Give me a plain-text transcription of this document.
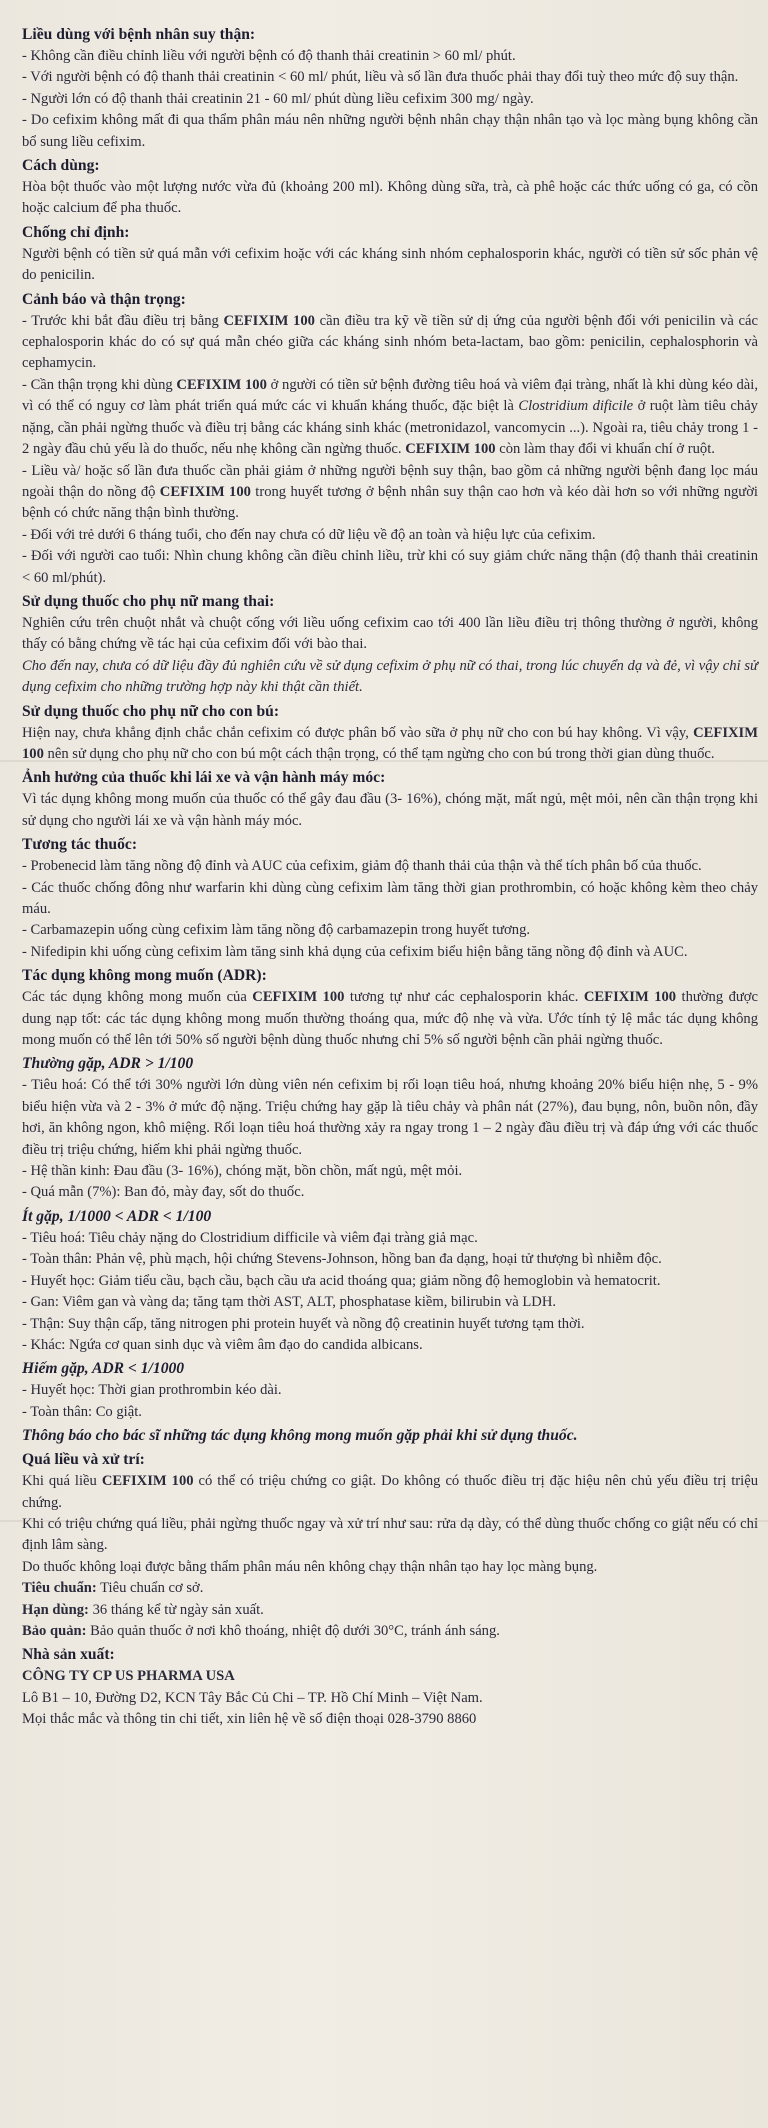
Liều dùng với bệnh nhân suy thận:

- Không cần điều chỉnh liều với người bệnh có độ thanh thải creatinin > 60 ml/ phút.

- Với người bệnh có độ thanh thải creatinin < 60 ml/ phút, liều và số lần đưa thuốc phải thay đổi tuỳ theo mức độ suy thận.

- Người lớn có độ thanh thải creatinin 21 - 60 ml/ phút dùng liều cefixim 300 mg/ ngày.

- Do cefixim không mất đi qua thẩm phân máu nên những người bệnh nhân chạy thận nhân tạo và lọc màng bụng không cần bổ sung liều cefixim.

Cách dùng:

Hòa bột thuốc vào một lượng nước vừa đủ (khoảng 200 ml). Không dùng sữa, trà, cà phê hoặc các thức uống có ga, có cồn hoặc calcium để pha thuốc.

Chống chỉ định:

Người bệnh có tiền sử quá mẫn với cefixim hoặc với các kháng sinh nhóm cephalosporin khác, người có tiền sử sốc phản vệ do penicilin.

Cảnh báo và thận trọng:

- Trước khi bắt đầu điều trị bằng CEFIXIM 100 cần điều tra kỹ về tiền sử dị ứng của người bệnh đối với penicilin và các cephalosporin khác do có sự quá mẫn chéo giữa các kháng sinh nhóm beta-lactam, bao gồm: penicilin, cephalosphorin và cephamycin.

- Cần thận trọng khi dùng CEFIXIM 100 ở người có tiền sử bệnh đường tiêu hoá và viêm đại tràng, nhất là khi dùng kéo dài, vì có thể có nguy cơ làm phát triển quá mức các vi khuẩn kháng thuốc, đặc biệt là Clostridium dificile ở ruột làm tiêu chảy nặng, cần phải ngừng thuốc và điều trị bằng các kháng sinh khác (metronidazol, vancomycin ...). Ngoài ra, tiêu chảy trong 1 - 2 ngày đầu chủ yếu là do thuốc, nếu nhẹ không cần ngừng thuốc. CEFIXIM 100 còn làm thay đổi vi khuẩn chí ở ruột.

- Liều và/ hoặc số lần đưa thuốc cần phải giảm ở những người bệnh suy thận, bao gồm cả những người bệnh đang lọc máu ngoài thận do nồng độ CEFIXIM 100 trong huyết tương ở bệnh nhân suy thận cao hơn và kéo dài hơn so với những người bệnh có chức năng thận bình thường.

- Đối với trẻ dưới 6 tháng tuổi, cho đến nay chưa có dữ liệu về độ an toàn và hiệu lực của cefixim.

- Đối với người cao tuổi: Nhìn chung không cần điều chỉnh liều, trừ khi có suy giảm chức năng thận (độ thanh thải creatinin < 60 ml/phút).

Sử dụng thuốc cho phụ nữ mang thai:

Nghiên cứu trên chuột nhắt và chuột cống với liều uống cefixim cao tới 400 lần liều điều trị thông thường ở người, không thấy có bằng chứng về tác hại của cefixim đối với bào thai.

Cho đến nay, chưa có dữ liệu đầy đủ nghiên cứu về sử dụng cefixim ở phụ nữ có thai, trong lúc chuyển dạ và đẻ, vì vậy chỉ sử dụng cefixim cho những trường hợp này khi thật cần thiết.

Sử dụng thuốc cho phụ nữ cho con bú:

Hiện nay, chưa khẳng định chắc chắn cefixim có được phân bố vào sữa ở phụ nữ cho con bú hay không. Vì vậy, CEFIXIM 100 nên sử dụng cho phụ nữ cho con bú một cách thận trọng, có thể tạm ngừng cho con bú trong thời gian dùng thuốc.

Ảnh hưởng của thuốc khi lái xe và vận hành máy móc:

Vì tác dụng không mong muốn của thuốc có thể gây đau đầu (3- 16%), chóng mặt, mất ngủ, mệt mỏi, nên cần thận trọng khi sử dụng cho người lái xe và vận hành máy móc.

Tương tác thuốc:

- Probenecid làm tăng nồng độ đỉnh và AUC của cefixim, giảm độ thanh thải của thận và thể tích phân bố của thuốc.

- Các thuốc chống đông như warfarin khi dùng cùng cefixim làm tăng thời gian prothrombin, có hoặc không kèm theo chảy máu.

- Carbamazepin uống cùng cefixim làm tăng nồng độ carbamazepin trong huyết tương.

- Nifedipin khi uống cùng cefixim làm tăng sinh khả dụng của cefixim biểu hiện bằng tăng nồng độ đỉnh và AUC.

Tác dụng không mong muốn (ADR):

Các tác dụng không mong muốn của CEFIXIM 100 tương tự như các cephalosporin khác. CEFIXIM 100 thường được dung nạp tốt: các tác dụng không mong muốn thường thoáng qua, mức độ nhẹ và vừa. Ước tính tỷ lệ mắc tác dụng không mong muốn có thể lên tới 50% số người bệnh dùng thuốc nhưng chỉ 5% số người bệnh cần phải ngừng thuốc.

Thường gặp, ADR > 1/100

- Tiêu hoá: Có thể tới 30% người lớn dùng viên nén cefixim bị rối loạn tiêu hoá, nhưng khoảng 20% biểu hiện nhẹ, 5 - 9% biểu hiện vừa và 2 - 3% ở mức độ nặng. Triệu chứng hay gặp là tiêu chảy và phân nát (27%), đau bụng, nôn, buồn nôn, đầy hơi, ăn không ngon, khô miệng. Rối loạn tiêu hoá thường xảy ra ngay trong 1 – 2 ngày đầu điều trị và đáp ứng với các thuốc điều trị triệu chứng, hiếm khi phải ngừng thuốc.

- Hệ thần kinh: Đau đầu (3- 16%), chóng mặt, bồn chồn, mất ngủ, mệt mỏi.

- Quá mẫn (7%): Ban đỏ, mày đay, sốt do thuốc.

Ít gặp, 1/1000 < ADR < 1/100

- Tiêu hoá: Tiêu chảy nặng do Clostridium difficile và viêm đại tràng giả mạc.

- Toàn thân: Phản vệ, phù mạch, hội chứng Stevens-Johnson, hồng ban đa dạng, hoại tử thượng bì nhiễm độc.

- Huyết học: Giảm tiểu cầu, bạch cầu, bạch cầu ưa acid thoáng qua; giảm nồng độ hemoglobin và hematocrit.

- Gan: Viêm gan và vàng da; tăng tạm thời AST, ALT, phosphatase kiềm, bilirubin và LDH.

- Thận: Suy thận cấp, tăng nitrogen phi protein huyết và nồng độ creatinin huyết tương tạm thời.

- Khác: Ngứa cơ quan sinh dục và viêm âm đạo do candida albicans.

Hiếm gặp, ADR < 1/1000

- Huyết học: Thời gian prothrombin kéo dài.

- Toàn thân: Co giật.

Thông báo cho bác sĩ những tác dụng không mong muốn gặp phải khi sử dụng thuốc.
Quá liều và xử trí:

Khi quá liều CEFIXIM 100 có thể có triệu chứng co giật. Do không có thuốc điều trị đặc hiệu nên chủ yếu điều trị triệu chứng.

Khi có triệu chứng quá liều, phải ngừng thuốc ngay và xử trí như sau: rửa dạ dày, có thể dùng thuốc chống co giật nếu có chỉ định lâm sàng.

Do thuốc không loại được bằng thẩm phân máu nên không chạy thận nhân tạo hay lọc màng bụng.

Tiêu chuẩn: Tiêu chuẩn cơ sở.

Hạn dùng: 36 tháng kể từ ngày sản xuất.

Bảo quản: Bảo quản thuốc ở nơi khô thoáng, nhiệt độ dưới 30°C, tránh ánh sáng.

Nhà sản xuất:

CÔNG TY CP US PHARMA USA

Lô B1 – 10, Đường D2, KCN Tây Bắc Củ Chi – TP. Hồ Chí Minh – Việt Nam.

Mọi thắc mắc và thông tin chi tiết, xin liên hệ về số điện thoại 028-3790 8860
